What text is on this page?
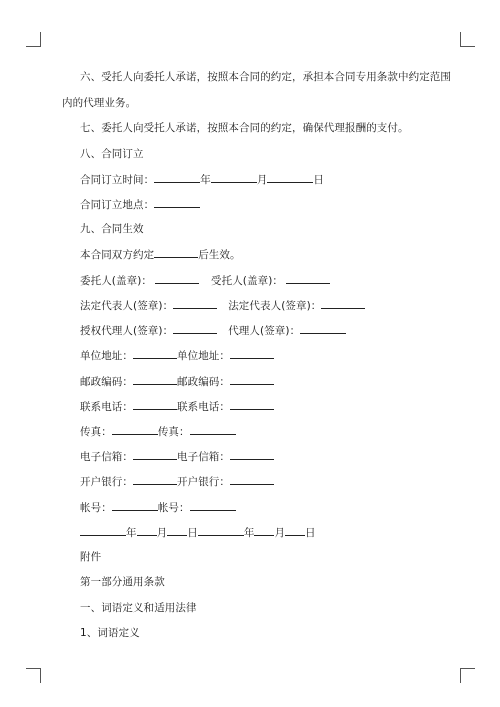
六、受托人向委托人承诺，按照本合同的约定，承担本合同专用条款中约定范围
内的代理业务。
七、委托人向受托人承诺，按照本合同的约定，确保代理报酬的支付。
八、合同订立
合同订立时间：	年	月	日
合同订立地点：
九、合同生效
本合同双方约定	后生效。
委托人(盖章)：	受托人(盖章)：
法定代表人(签章)：	法定代表人(签章)：
授权代理人(签章)：	代理人(签章)：
单位地址：	单位地址：
邮政编码：	邮政编码：
联系电话：	联系电话：
传真：	传真：
电子信箱：	电子信箱：
开户银行：	开户银行：
帐号：	帐号：
年 月 日	年 月 日
附件
第一部分通用条款
一、词语定义和适用法律
1、词语定义
